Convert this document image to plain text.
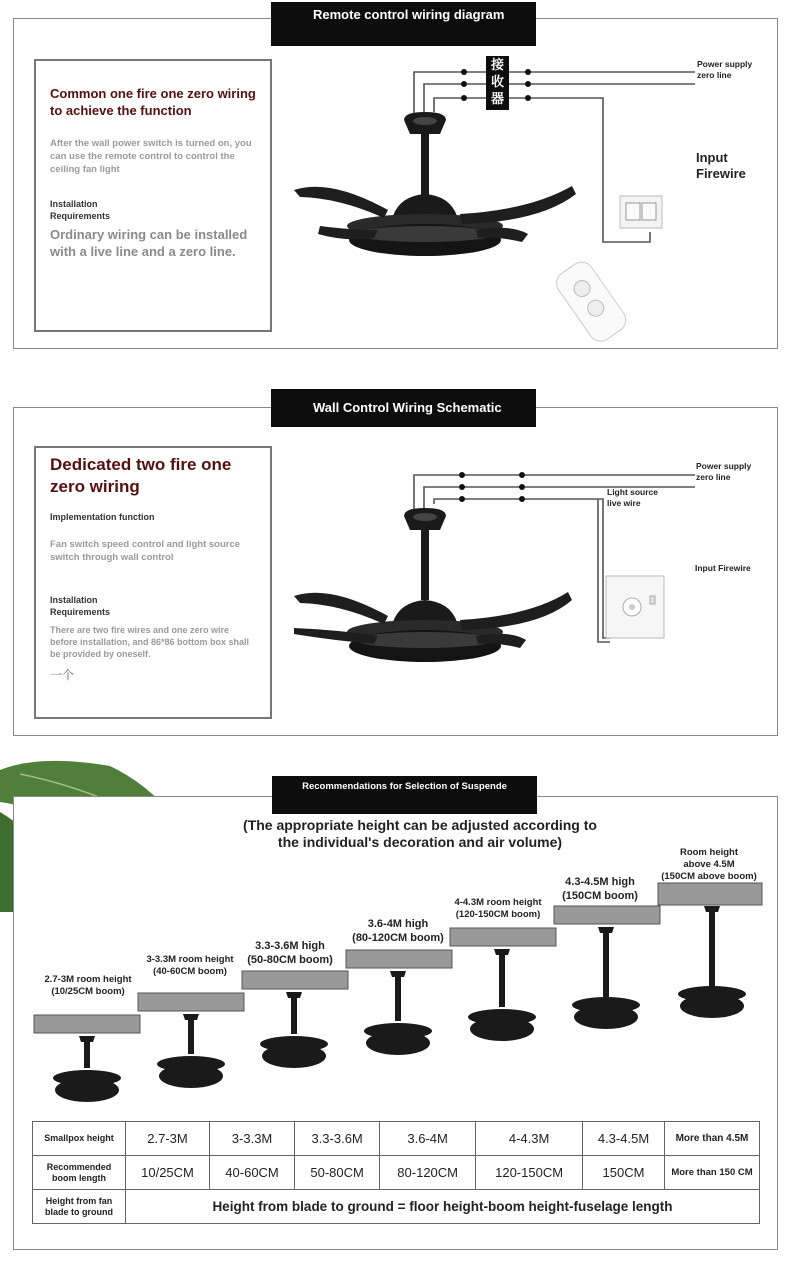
Remote control wiring diagram
Common one fire one zero wiring to achieve the function
After the wall power switch is turned on, you can use the remote control to control the ceiling fan light
Installation Requirements
Ordinary wiring can be installed with a live line and a zero line.
接
收
器
Power supply zero line
Input Firewire
Wall Control Wiring Schematic
Dedicated two fire one zero wiring
Implementation function
Fan switch speed control and light source switch through wall control
Installation Requirements
There are two fire wires and one zero wire before installation, and 86*86 bottom box shall be provided by oneself.
一个
Power supply zero line
Light source live wire
Input Firewire
Recommendations for Selection of Suspende
(The appropriate height can be adjusted according to
the individual's decoration and air volume)
2.7-3M room height
(10/25CM boom)
3-3.3M room height
(40-60CM boom)
3.3-3.6M high
(50-80CM boom)
3.6-4M high
(80-120CM boom)
4-4.3M room height
(120-150CM boom)
4.3-4.5M high
(150CM boom)
Room height above 4.5M
(150CM above boom)
Smallpox height	2.7-3M	3-3.3M	3.3-3.6M	3.6-4M	4-4.3M	4.3-4.5M	More than 4.5M
Recommended boom length	10/25CM	40-60CM	50-80CM	80-120CM	120-150CM	150CM	More than 150 CM
Height from fan blade to ground	Height from blade to ground = floor height-boom height-fuselage length						
